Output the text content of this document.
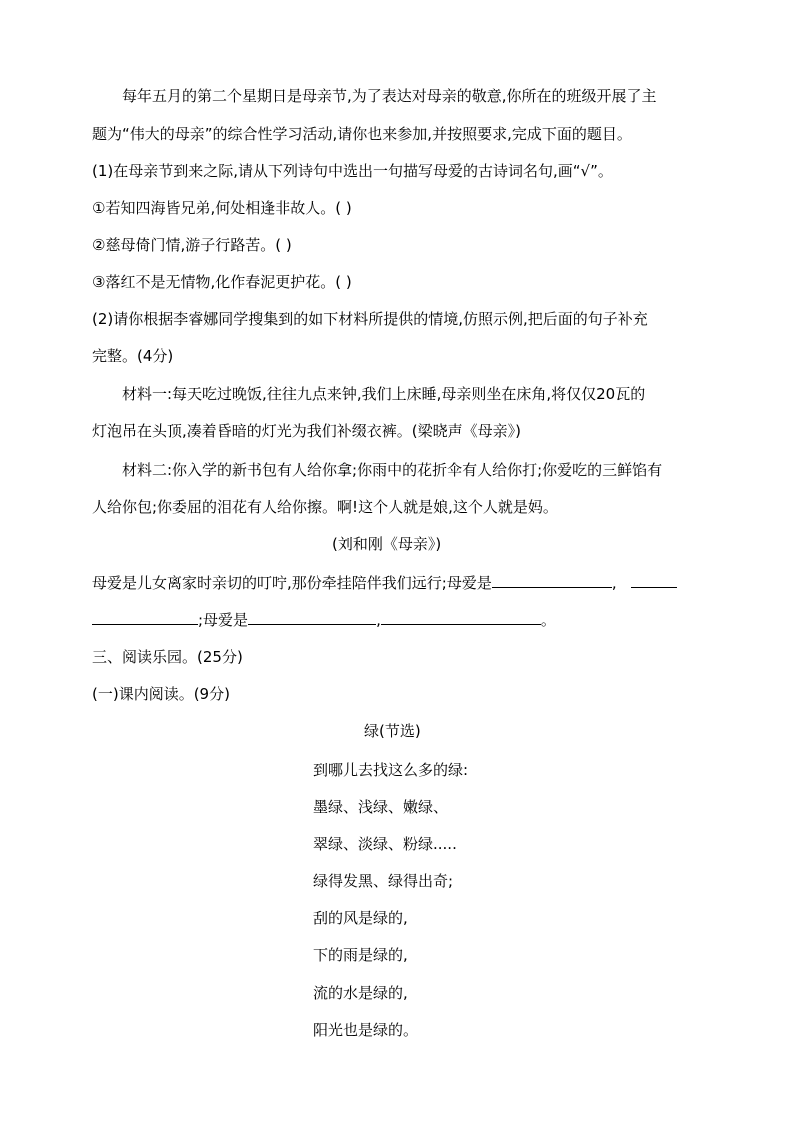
每年五月的第二个星期日是母亲节,为了表达对母亲的敬意,你所在的班级开展了主
题为“伟大的母亲”的综合性学习活动,请你也来参加,并按照要求,完成下面的题目。
(1)在母亲节到来之际,请从下列诗句中选出一句描写母爱的古诗词名句,画“√”。
①若知四海皆兄弟,何处相逢非故人。( )
②慈母倚门情,游子行路苦。( )
③落红不是无情物,化作春泥更护花。( )
(2)请你根据李睿娜同学搜集到的如下材料所提供的情境,仿照示例,把后面的句子补充
完整。(4分)
材料一:每天吃过晚饭,往往九点来钟,我们上床睡,母亲则坐在床角,将仅仅20瓦的
灯泡吊在头顶,凑着昏暗的灯光为我们补缀衣裤。(梁晓声《母亲》)
材料二:你入学的新书包有人给你拿;你雨中的花折伞有人给你打;你爱吃的三鲜馅有
人给你包;你委屈的泪花有人给你擦。啊!这个人就是娘,这个人就是妈。
(刘和刚《母亲》)
母爱是儿女离家时亲切的叮咛,那份牵挂陪伴我们远行;母爱是	,
;母爱是	,	。
三、阅读乐园。(25分)
(一)课内阅读。(9分)
绿(节选)
到哪儿去找这么多的绿:
墨绿、浅绿、嫩绿、
翠绿、淡绿、粉绿.....
绿得发黑、绿得出奇;
刮的风是绿的,
下的雨是绿的,
流的水是绿的,
阳光也是绿的。
